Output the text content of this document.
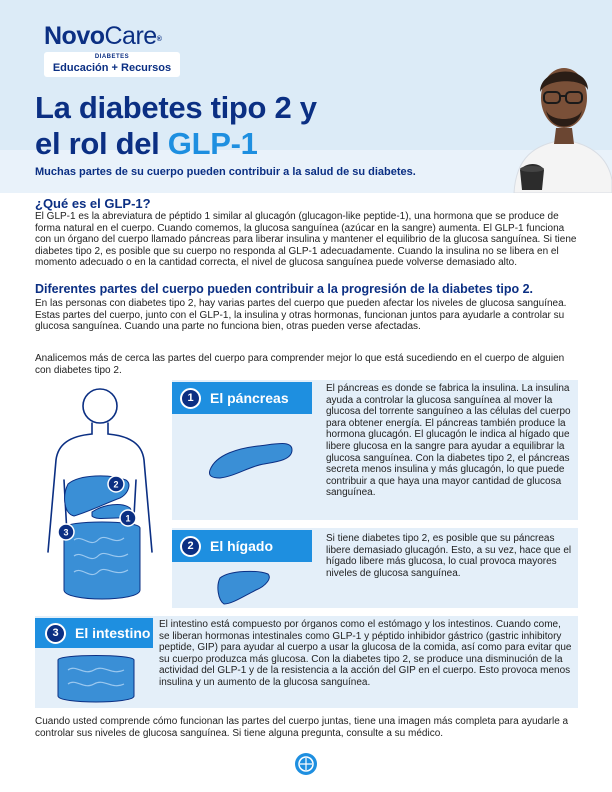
NovoCare®
DIABETES
Educación + Recursos
La diabetes tipo 2 y
el rol del GLP-1
Muchas partes de su cuerpo pueden contribuir a la salud de su diabetes.
¿Qué es el GLP-1?
El GLP-1 es la abreviatura de péptido 1 similar al glucagón (glucagon-like peptide-1), una hormona que se produce de forma natural en el cuerpo. Cuando comemos, la glucosa sanguínea (azúcar en la sangre) aumenta. El GLP-1 funciona con un órgano del cuerpo llamado páncreas para liberar insulina y mantener el equilibrio de la glucosa sanguínea. Si tiene diabetes tipo 2, es posible que su cuerpo no responda al GLP-1 adecuadamente. Cuando la insulina no se libera en el momento adecuado o en la cantidad correcta, el nivel de glucosa sanguínea puede volverse demasiado alto.
Diferentes partes del cuerpo pueden contribuir a la progresión de la diabetes tipo 2.
En las personas con diabetes tipo 2, hay varias partes del cuerpo que pueden afectar los niveles de glucosa sanguínea. Estas partes del cuerpo, junto con el GLP-1, la insulina y otras hormonas, funcionan juntos para ayudarle a controlar su glucosa sanguínea. Cuando una parte no funciona bien, otras pueden verse afectadas.
Analicemos más de cerca las partes del cuerpo para comprender mejor lo que está sucediendo en el cuerpo de alguien con diabetes tipo 2.
2
1
3
1	El páncreas
El páncreas es donde se fabrica la insulina. La insulina ayuda a controlar la glucosa sanguínea al mover la glucosa del torrente sanguíneo a las células del cuerpo para obtener energía. El páncreas también produce la hormona glucagón. El glucagón le indica al hígado que libere glucosa en la sangre para ayudar a equilibrar la glucosa sanguínea. Con la diabetes tipo 2, el páncreas secreta menos insulina y más glucagón, lo que puede contribuir a que haya una mayor cantidad de glucosa sanguínea.
2	El hígado	Si tiene diabetes tipo 2, es posible que su páncreas libere demasiado glucagón. Esto, a su vez, hace que el hígado libere más glucosa, lo cual provoca mayores niveles de glucosa sanguínea.
3	El intestino
El intestino está compuesto por órganos como el estómago y los intestinos. Cuando come, se liberan hormonas intestinales como GLP-1 y péptido inhibidor gástrico (gastric inhibitory peptide, GIP) para ayudar al cuerpo a usar la glucosa de la comida, así como para evitar que su cuerpo produzca más glucosa. Con la diabetes tipo 2, se produce una disminución de la actividad del GLP-1 y de la resistencia a la acción del GIP en el cuerpo. Esto provoca menos insulina y un aumento de la glucosa sanguínea.
Cuando usted comprende cómo funcionan las partes del cuerpo juntas, tiene una imagen más completa para ayudarle a controlar sus niveles de glucosa sanguínea. Si tiene alguna pregunta, consulte a su médico.
